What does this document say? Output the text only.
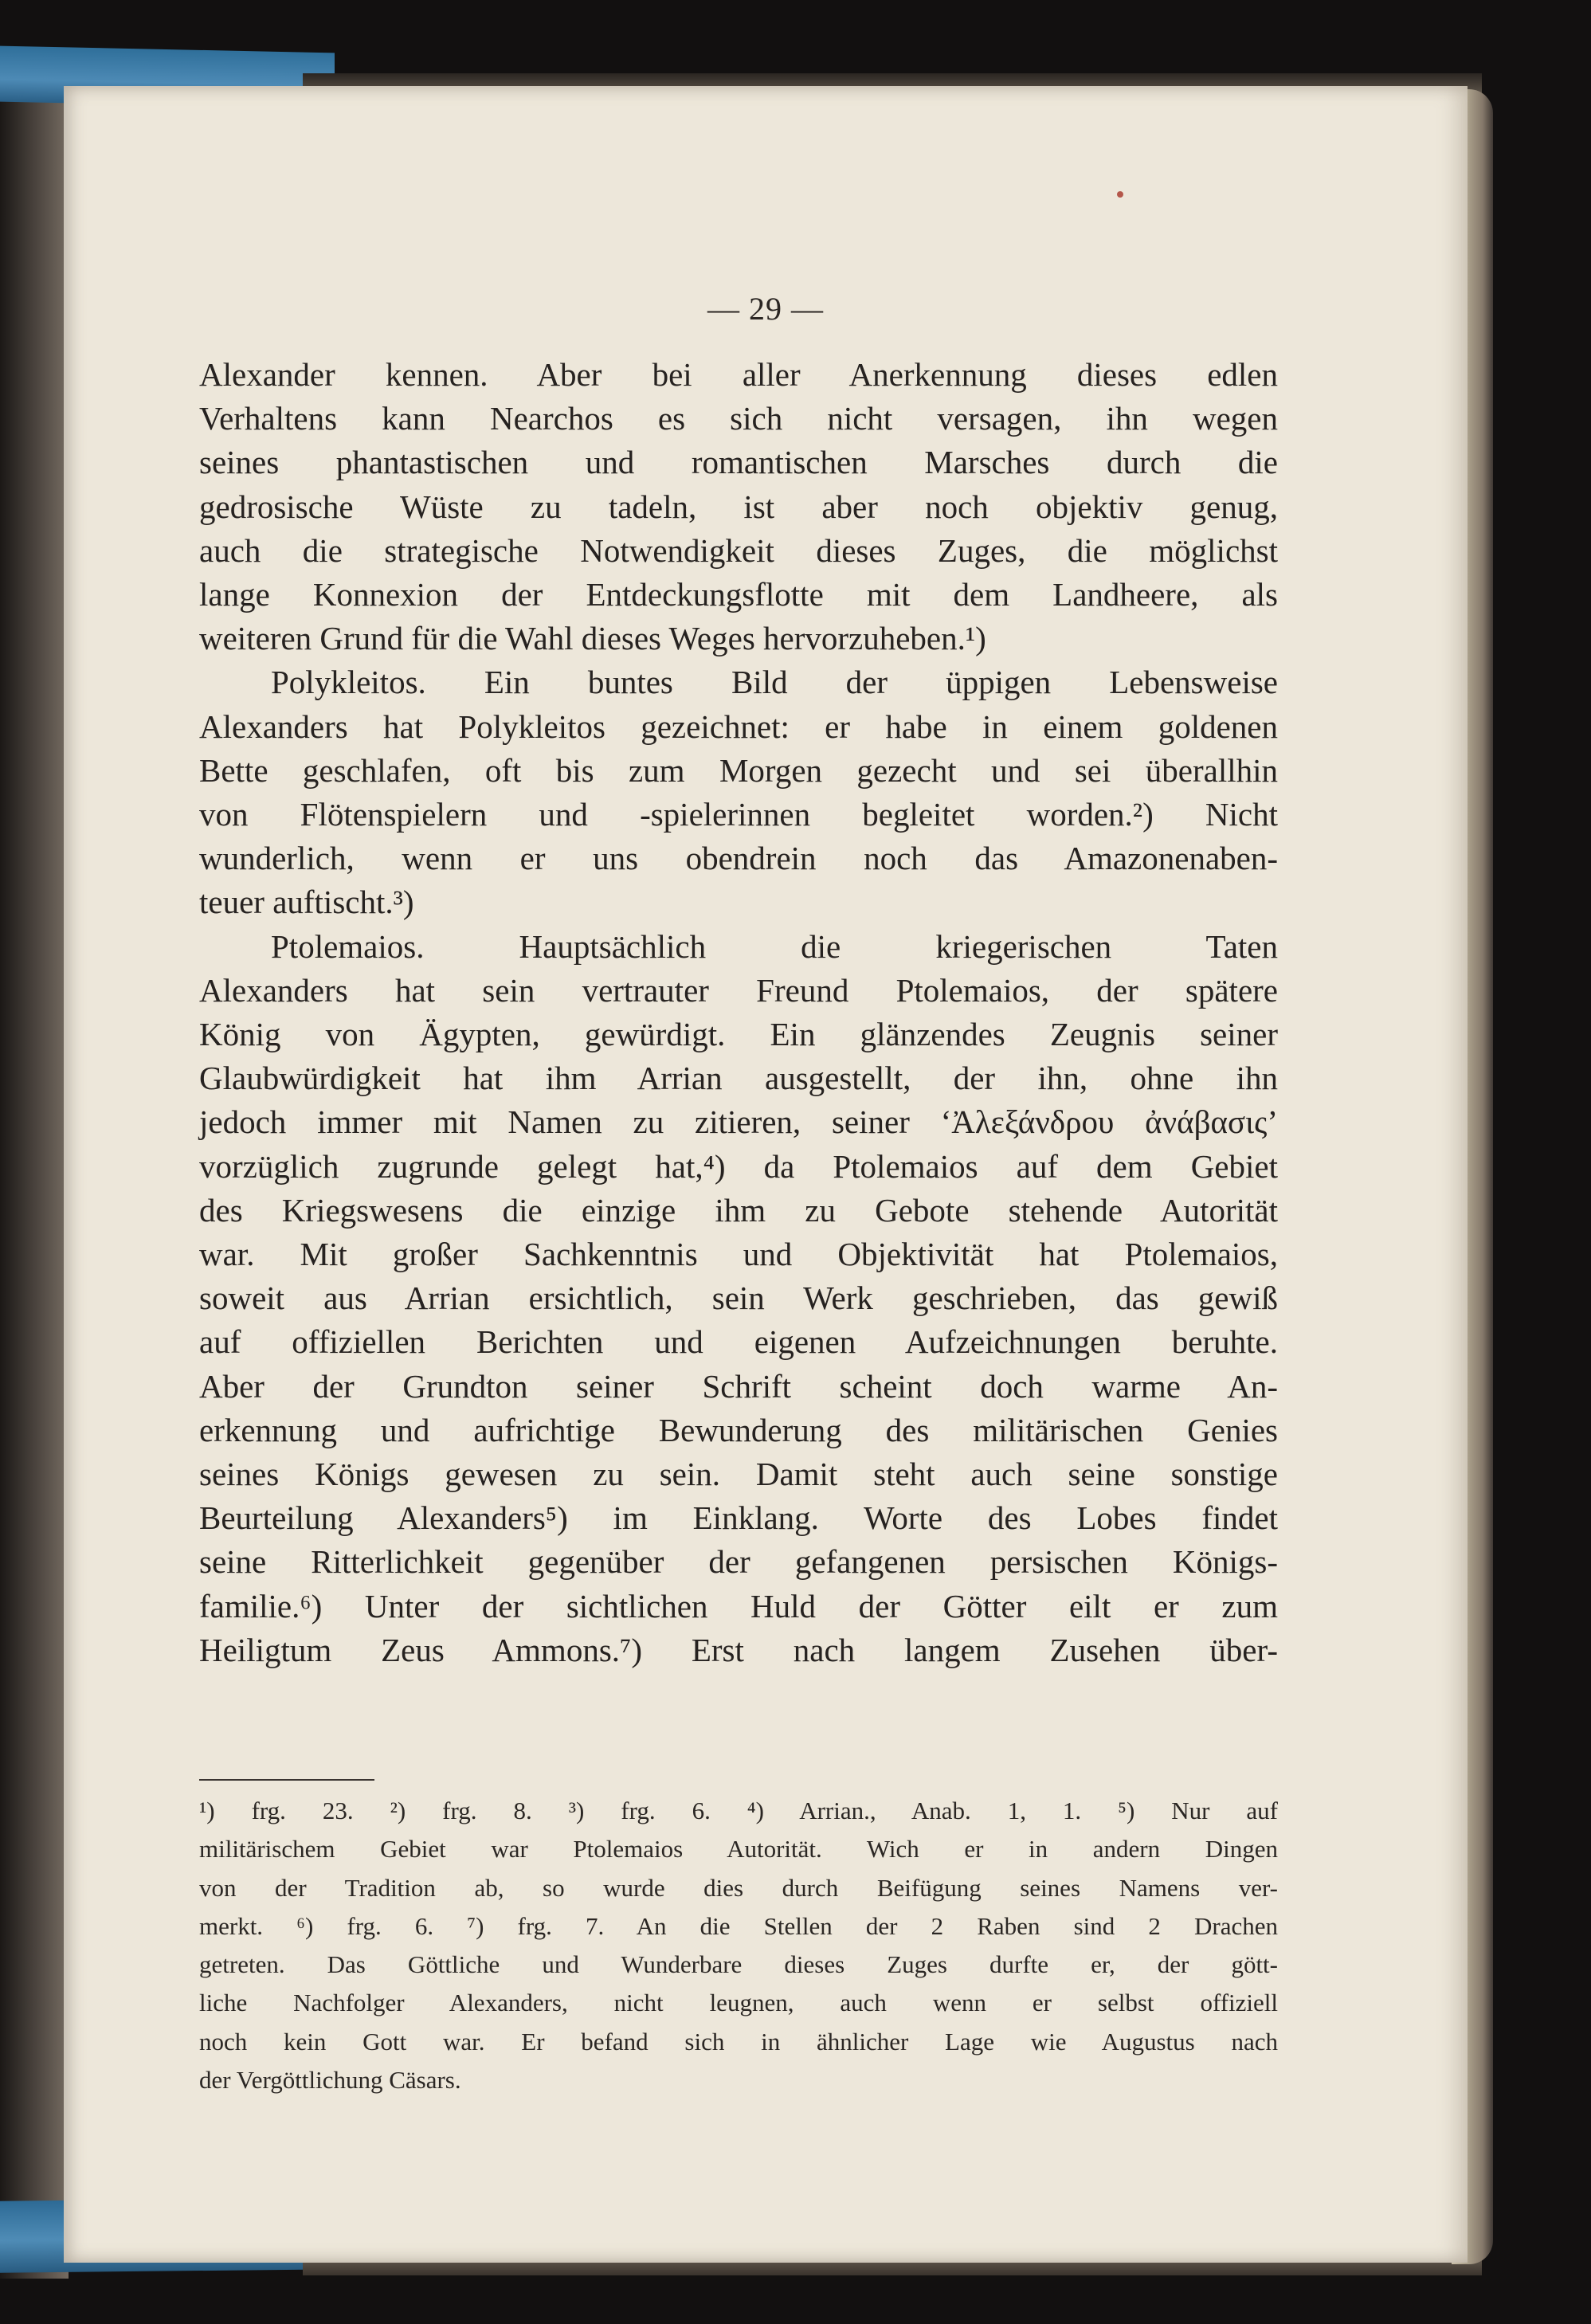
— 29 —
Alexander kennen. Aber bei aller Anerkennung dieses edlen
Verhaltens kann Nearchos es sich nicht versagen, ihn wegen
seines phantastischen und romantischen Marsches durch die
gedrosische Wüste zu tadeln, ist aber noch objektiv genug,
auch die strategische Notwendigkeit dieses Zuges, die möglichst
lange Konnexion der Entdeckungsflotte mit dem Landheere, als
weiteren Grund für die Wahl dieses Weges hervorzuheben.¹)
Polykleitos. Ein buntes Bild der üppigen Lebensweise
Alexanders hat Polykleitos gezeichnet: er habe in einem goldenen
Bette geschlafen, oft bis zum Morgen gezecht und sei überallhin
von Flötenspielern und -spielerinnen begleitet worden.²) Nicht
wunderlich, wenn er uns obendrein noch das Amazonenaben-
teuer auftischt.³)
Ptolemaios. Hauptsächlich die kriegerischen Taten
Alexanders hat sein vertrauter Freund Ptolemaios, der spätere
König von Ägypten, gewürdigt. Ein glänzendes Zeugnis seiner
Glaubwürdigkeit hat ihm Arrian ausgestellt, der ihn, ohne ihn
jedoch immer mit Namen zu zitieren, seiner ‘Ἀλεξάνδρου ἀνάβασις’
vorzüglich zugrunde gelegt hat,⁴) da Ptolemaios auf dem Gebiet
des Kriegswesens die einzige ihm zu Gebote stehende Autorität
war. Mit großer Sachkenntnis und Objektivität hat Ptolemaios,
soweit aus Arrian ersichtlich, sein Werk geschrieben, das gewiß
auf offiziellen Berichten und eigenen Aufzeichnungen beruhte.
Aber der Grundton seiner Schrift scheint doch warme An-
erkennung und aufrichtige Bewunderung des militärischen Genies
seines Königs gewesen zu sein. Damit steht auch seine sonstige
Beurteilung Alexanders⁵) im Einklang. Worte des Lobes findet
seine Ritterlichkeit gegenüber der gefangenen persischen Königs-
familie.⁶) Unter der sichtlichen Huld der Götter eilt er zum
Heiligtum Zeus Ammons.⁷) Erst nach langem Zusehen über-
¹) frg. 23. ²) frg. 8. ³) frg. 6. ⁴) Arrian., Anab. 1, 1. ⁵) Nur auf
militärischem Gebiet war Ptolemaios Autorität. Wich er in andern Dingen
von der Tradition ab, so wurde dies durch Beifügung seines Namens ver-
merkt. ⁶) frg. 6. ⁷) frg. 7. An die Stellen der 2 Raben sind 2 Drachen
getreten. Das Göttliche und Wunderbare dieses Zuges durfte er, der gött-
liche Nachfolger Alexanders, nicht leugnen, auch wenn er selbst offiziell
noch kein Gott war. Er befand sich in ähnlicher Lage wie Augustus nach
der Vergöttlichung Cäsars.
